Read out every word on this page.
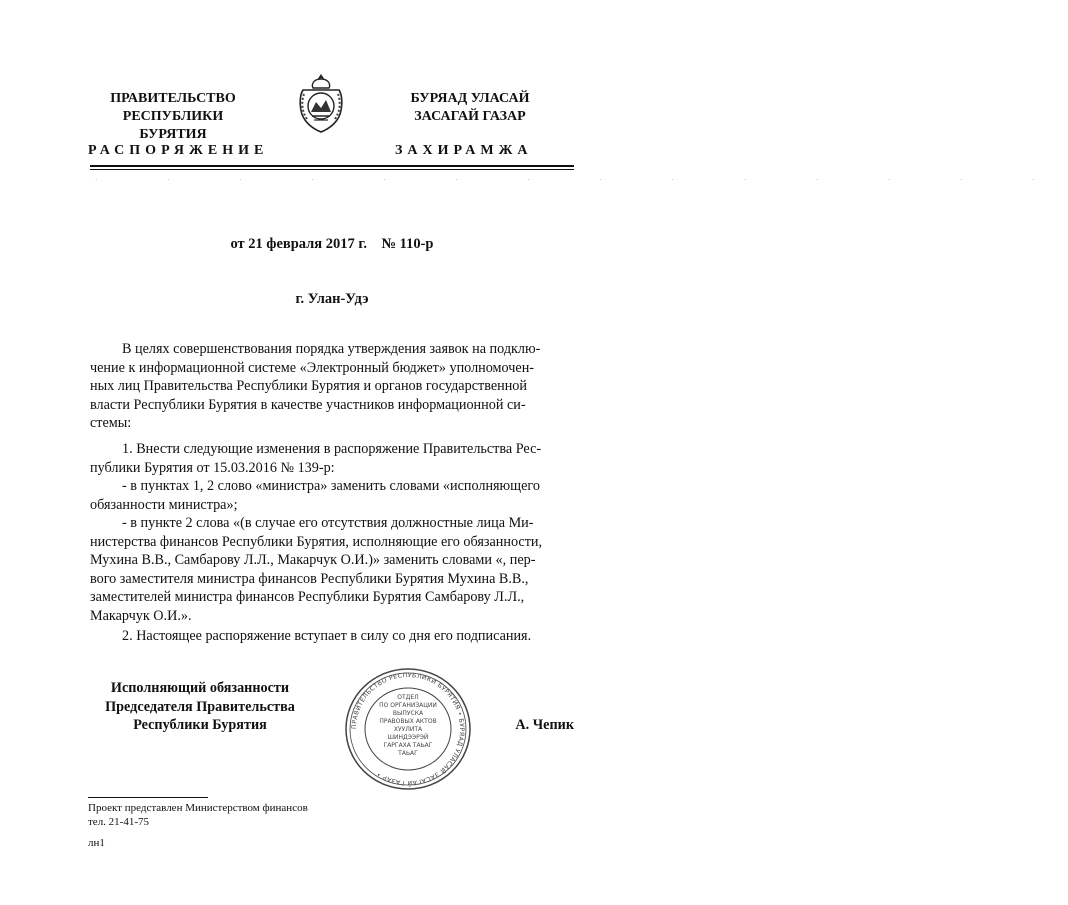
ПРАВИТЕЛЬСТВО
РЕСПУБЛИКИ БУРЯТИЯ
БУРЯАД УЛАСАЙ
ЗАСАГАЙ ГАЗАР
РАСПОРЯЖЕНИЕ	ЗАХИРАМЖА
· · · · · · · · · · · · · ·
от 21 февраля 2017 г.    № 110-р
г. Улан-Удэ
В целях совершенствования порядка утверждения заявок на подклю-
чение к информационной системе «Электронный бюджет» уполномочен-
ных лиц Правительства Республики Бурятия и органов государственной
власти Республики Бурятия в качестве участников информационной си-
стемы:
1. Внести следующие изменения в распоряжение Правительства Рес-
публики Бурятия от 15.03.2016 № 139-р:
- в пунктах 1, 2 слово «министра» заменить словами «исполняющего
обязанности министра»;
- в пункте 2 слова «(в случае его отсутствия должностные лица Ми-
нистерства финансов Республики Бурятия, исполняющие его обязанности,
Мухина В.В., Самбарову Л.Л., Макарчук О.И.)» заменить словами «, пер-
вого заместителя министра финансов Республики Бурятия Мухина В.В.,
заместителей министра финансов Республики Бурятия Самбарову Л.Л.,
Макарчук О.И.».
2. Настоящее распоряжение вступает в силу со дня его подписания.
Исполняющий обязанности
Председателя Правительства
Республики Бурятия	ПРАВИТЕЛЬСТВО РЕСПУБЛИКИ БУРЯТИЯ • БУРЯАД УЛАСАЙ ЗАСАГАЙ ГАЗАР •
ОТДЕЛ
ПО ОРГАНИЗАЦИИ
ВЫПУСКА
ПРАВОВЫХ АКТОВ
ХУУЛИТА
ШИНДЭЭРЭЙ
ГАРГАХА ТАЬАГ
ТАЬАГ
А. Чепик
Проект представлен Министерством финансов
тел. 21-41-75
лн1
